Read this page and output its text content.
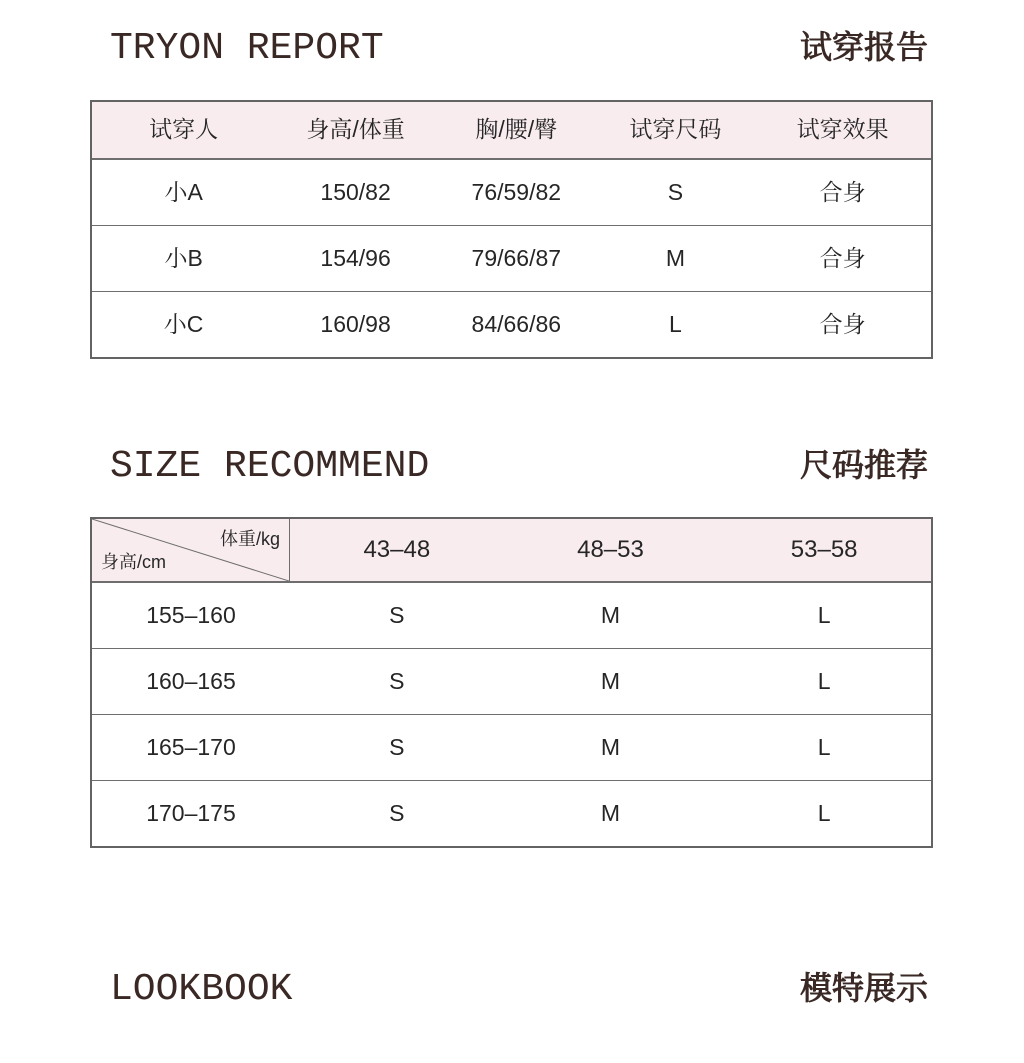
TRYON REPORT	试穿报告
试穿人	身高/体重	胸/腰/臀	试穿尺码	试穿效果
小A	150/82	76/59/82	S	合身
小B	154/96	79/66/87	M	合身
小C	160/98	84/66/86	L	合身
SIZE RECOMMEND	尺码推荐
体重/kg
身高/cm	43–48	48–53	53–58
155–160	S	M	L
160–165	S	M	L
165–170	S	M	L
170–175	S	M	L
LOOKBOOK	模特展示
